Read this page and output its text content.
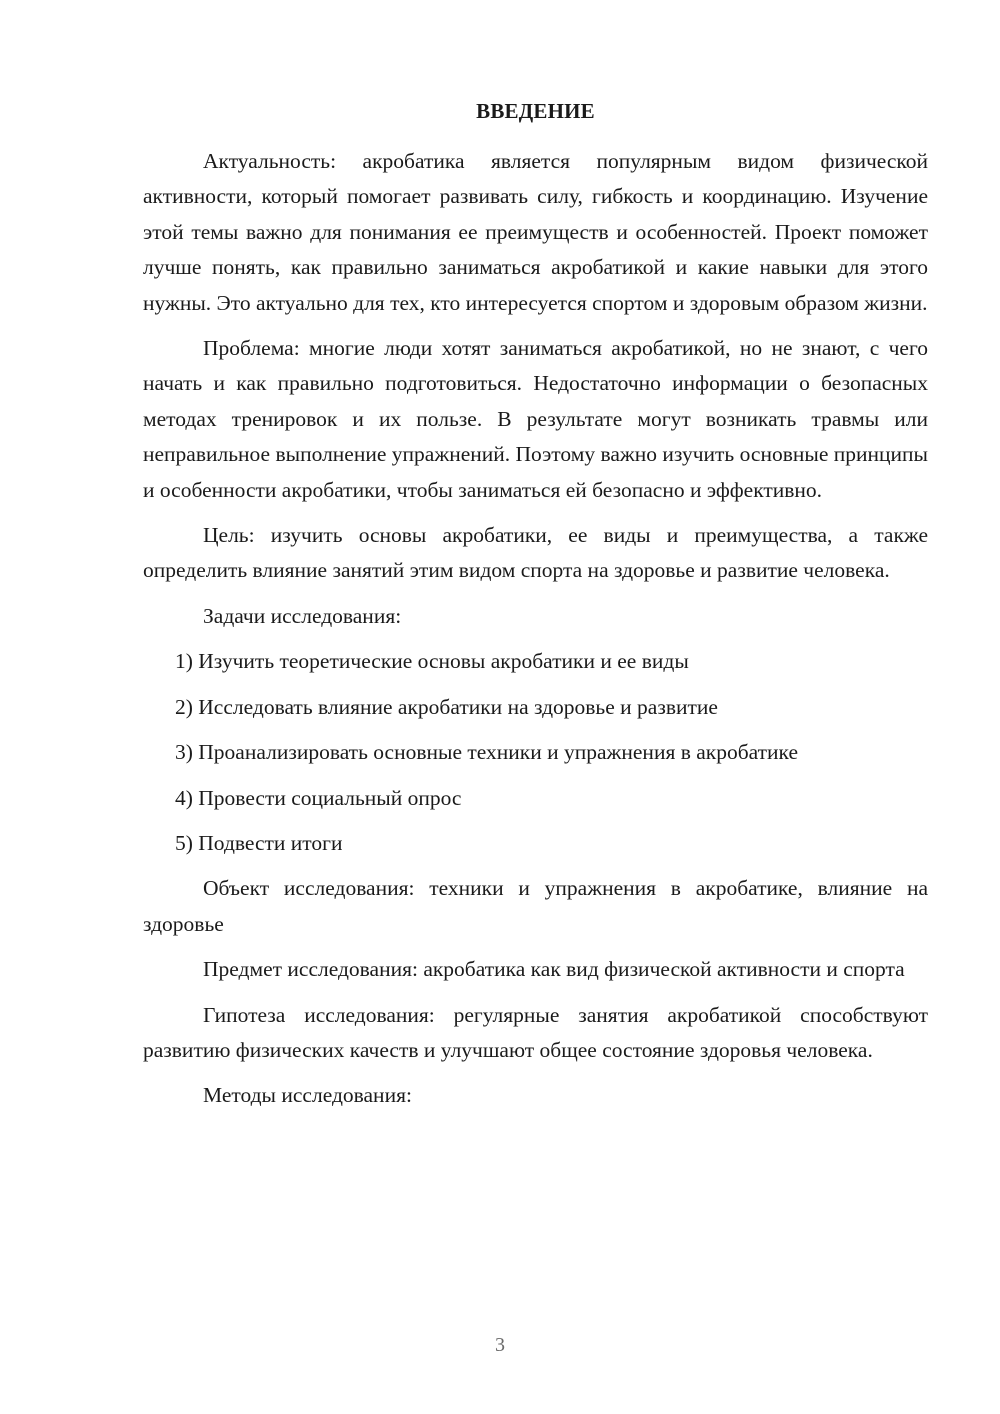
ВВЕДЕНИЕ

Актуальность: акробатика является популярным видом физической активности, который помогает развивать силу, гибкость и координацию. Изучение этой темы важно для понимания ее преимуществ и особенностей. Проект поможет лучше понять, как правильно заниматься акробатикой и какие навыки для этого нужны. Это актуально для тех, кто интересуется спортом и здоровым образом жизни.

Проблема: многие люди хотят заниматься акробатикой, но не знают, с чего начать и как правильно подготовиться. Недостаточно информации о безопасных методах тренировок и их пользе. В результате могут возникать травмы или неправильное выполнение упражнений. Поэтому важно изучить основные принципы и особенности акробатики, чтобы заниматься ей безопасно и эффективно.

Цель: изучить основы акробатики, ее виды и преимущества, а также определить влияние занятий этим видом спорта на здоровье и развитие человека.

Задачи исследования:

1) Изучить теоретические основы акробатики и ее виды
2) Исследовать влияние акробатики на здоровье и развитие
3) Проанализировать основные техники и упражнения в акробатике
4) Провести социальный опрос
5) Подвести итоги

Объект исследования: техники и упражнения в акробатике, влияние на здоровье

Предмет исследования: акробатика как вид физической активности и спорта

Гипотеза исследования: регулярные занятия акробатикой способствуют развитию физических качеств и улучшают общее состояние здоровья человека.

Методы исследования:

3
